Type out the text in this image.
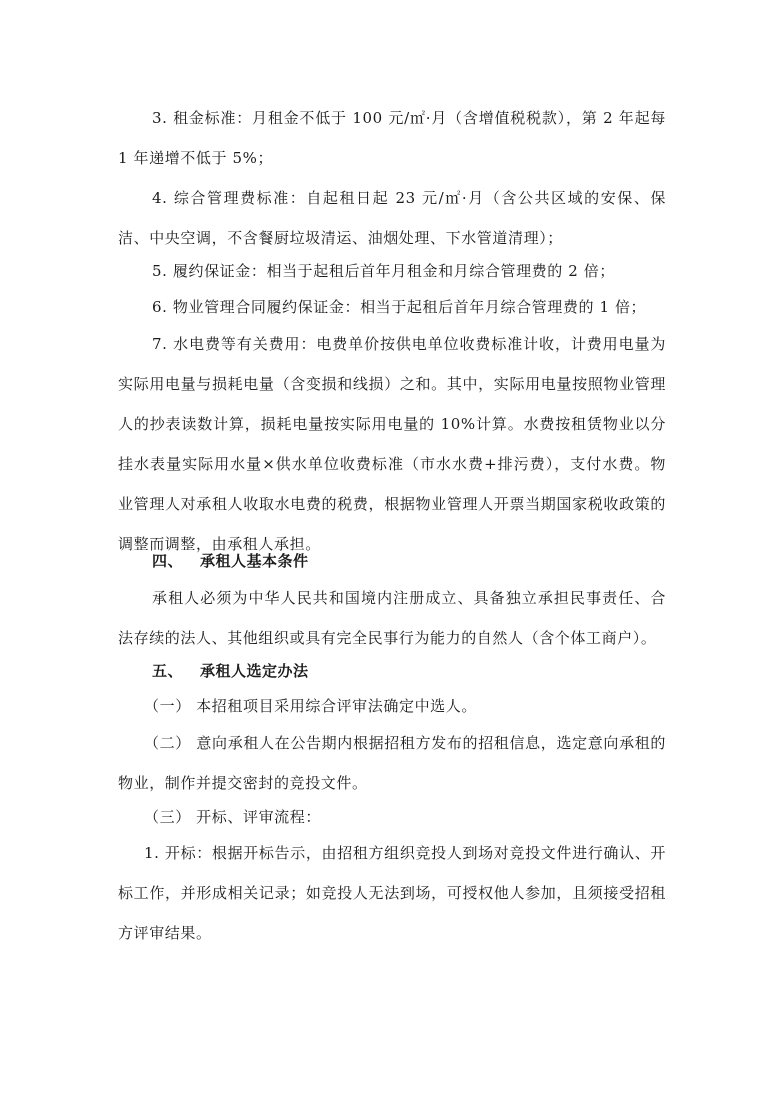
3. 租金标准：月租金不低于 100 元/㎡·月（含增值税税款），第 2 年起每 1 年递增不低于 5%；

4. 综合管理费标准：自起租日起 23 元/㎡·月（含公共区域的安保、保洁、中央空调，不含餐厨垃圾清运、油烟处理、下水管道清理）；

5. 履约保证金：相当于起租后首年月租金和月综合管理费的 2 倍；

6. 物业管理合同履约保证金：相当于起租后首年月综合管理费的 1 倍；

7. 水电费等有关费用：电费单价按供电单位收费标准计收，计费用电量为实际用电量与损耗电量（含变损和线损）之和。其中，实际用电量按照物业管理人的抄表读数计算，损耗电量按实际用电量的 10%计算。水费按租赁物业以分挂水表量实际用水量×供水单位收费标准（市水水费+排污费），支付水费。物业管理人对承租人收取水电费的税费，根据物业管理人开票当期国家税收政策的调整而调整，由承租人承担。

四、 承租人基本条件

承租人必须为中华人民共和国境内注册成立、具备独立承担民事责任、合法存续的法人、其他组织或具有完全民事行为能力的自然人（含个体工商户）。

五、 承租人选定办法

（一） 本招租项目采用综合评审法确定中选人。

（二） 意向承租人在公告期内根据招租方发布的招租信息，选定意向承租的物业，制作并提交密封的竞投文件。

（三） 开标、评审流程：

1. 开标：根据开标告示，由招租方组织竞投人到场对竞投文件进行确认、开标工作，并形成相关记录；如竞投人无法到场，可授权他人参加，且须接受招租方评审结果。
